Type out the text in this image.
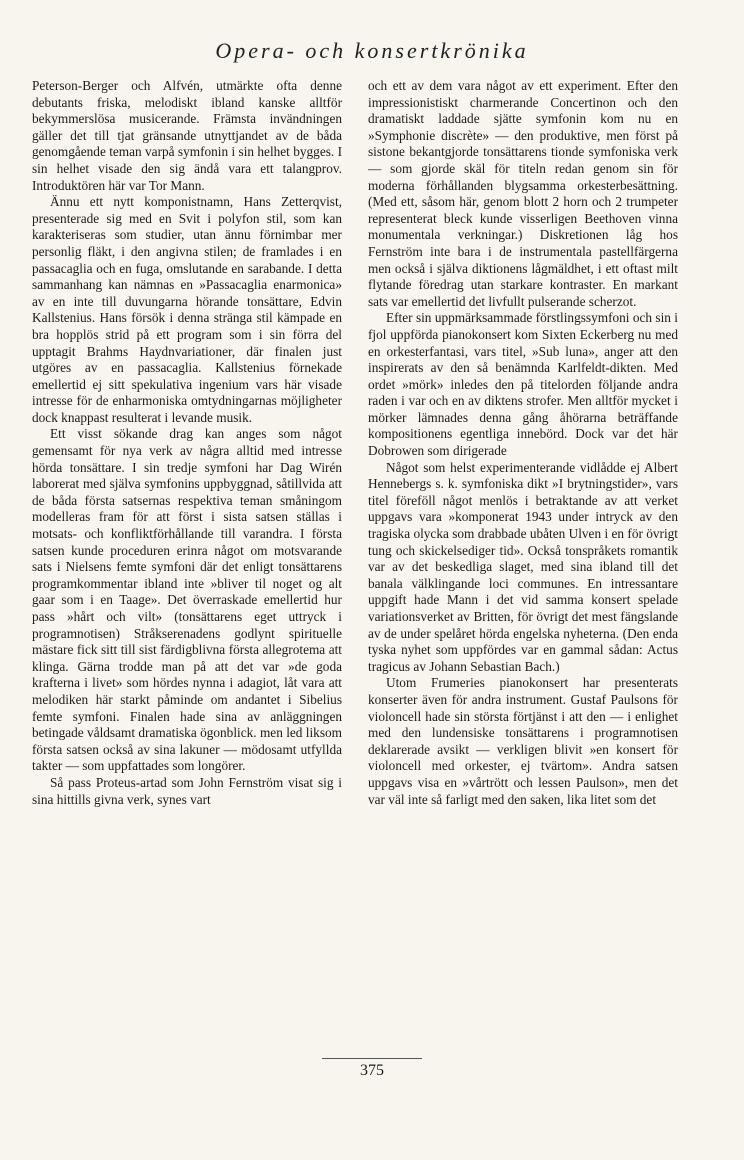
Opera- och konsertkrönika

Peterson-Berger och Alfvén, utmärkte ofta denne debutants friska, melodiskt ibland kanske alltför bekymmerslösa musicerande. Främsta invändningen gäller det till tjat gränsande utnyttjandet av de båda genomgående teman varpå symfonin i sin helhet bygges. I sin helhet visade den sig ändå vara ett talangprov. Introduktören här var Tor Mann.

Ännu ett nytt komponistnamn, Hans Zetterqvist, presenterade sig med en Svit i polyfon stil, som kan karakteriseras som studier, utan ännu förnimbar mer personlig fläkt, i den angivna stilen; de framlades i en passacaglia och en fuga, omslutande en sarabande. I detta sammanhang kan nämnas en »Passacaglia enarmonica» av en inte till duvungarna hörande tonsättare, Edvin Kallstenius. Hans försök i denna stränga stil kämpade en bra hopplös strid på ett program som i sin förra del upptagit Brahms Haydnvariationer, där finalen just utgöres av en passacaglia. Kallstenius förnekade emellertid ej sitt spekulativa ingenium vars här visade intresse för de enharmoniska omtydningarnas möjligheter dock knappast resulterat i levande musik.

Ett visst sökande drag kan anges som något gemensamt för nya verk av några alltid med intresse hörda tonsättare. I sin tredje symfoni har Dag Wirén laborerat med själva symfonins uppbyggnad, såtillvida att de båda första satsernas respektiva teman småningom modelleras fram för att först i sista satsen ställas i motsats- och konfliktförhållande till varandra. I första satsen kunde proceduren erinra något om motsvarande sats i Nielsens femte symfoni där det enligt tonsättarens programkommentar ibland inte »bliver til noget og alt gaar som i en Taage». Det överraskade emellertid hur pass »hårt och vilt» (tonsättarens eget uttryck i programnotisen) Stråkserenadens godlynt spirituelle mästare fick sitt till sist färdigblivna första allegrotema att klinga. Gärna trodde man på att det var »de goda krafterna i livet» som hördes nynna i adagiot, låt vara att melodiken här starkt påminde om andantet i Sibelius femte symfoni. Finalen hade sina av anläggningen betingade våldsamt dramatiska ögonblick. men led liksom första satsen också av sina lakuner — mödosamt utfyllda takter — som uppfattades som longörer.

Så pass Proteus-artad som John Fernström visat sig i sina hittills givna verk, synes vart

och ett av dem vara något av ett experiment. Efter den impressionistiskt charmerande Concertinon och den dramatiskt laddade sjätte symfonin kom nu en »Symphonie discrète» — den produktive, men först på sistone bekantgjorde tonsättarens tionde symfoniska verk — som gjorde skäl för titeln redan genom sin för moderna förhållanden blygsamma orkesterbesättning. (Med ett, såsom här, genom blott 2 horn och 2 trumpeter representerat bleck kunde visserligen Beethoven vinna monumentala verkningar.) Diskretionen låg hos Fernström inte bara i de instrumentala pastellfärgerna men också i själva diktionens lågmäldhet, i ett oftast milt flytande föredrag utan starkare kontraster. En markant sats var emellertid det livfullt pulserande scherzot.

Efter sin uppmärksammade förstlingssymfoni och sin i fjol uppförda pianokonsert kom Sixten Eckerberg nu med en orkesterfantasi, vars titel, »Sub luna», anger att den inspirerats av den så benämnda Karlfeldt-dikten. Med ordet »mörk» inledes den på titelorden följande andra raden i var och en av diktens strofer. Men alltför mycket i mörker lämnades denna gång åhörarna beträffande kompositionens egentliga innebörd. Dock var det här Dobrowen som dirigerade

Något som helst experimenterande vidlådde ej Albert Hennebergs s. k. symfoniska dikt »I brytningstider», vars titel föreföll något menlös i betraktande av att verket uppgavs vara »komponerat 1943 under intryck av den tragiska olycka som drabbade ubåten Ulven i en för övrigt tung och skickelsediger tid». Också tonspråkets romantik var av det beskedliga slaget, med sina ibland till det banala välklingande loci communes. En intressantare uppgift hade Mann i det vid samma konsert spelade variationsverket av Britten, för övrigt det mest fängslande av de under spelåret hörda engelska nyheterna. (Den enda tyska nyhet som uppfördes var en gammal sådan: Actus tragicus av Johann Sebastian Bach.)

Utom Frumeries pianokonsert har presenterats konserter även för andra instrument. Gustaf Paulsons för violoncell hade sin största förtjänst i att den — i enlighet med den lundensiske tonsättarens i programnotisen deklarerade avsikt — verkligen blivit »en konsert för violoncell med orkester, ej tvärtom». Andra satsen uppgavs visa en »vårtrött och lessen Paulson», men det var väl inte så farligt med den saken, lika litet som det

375
